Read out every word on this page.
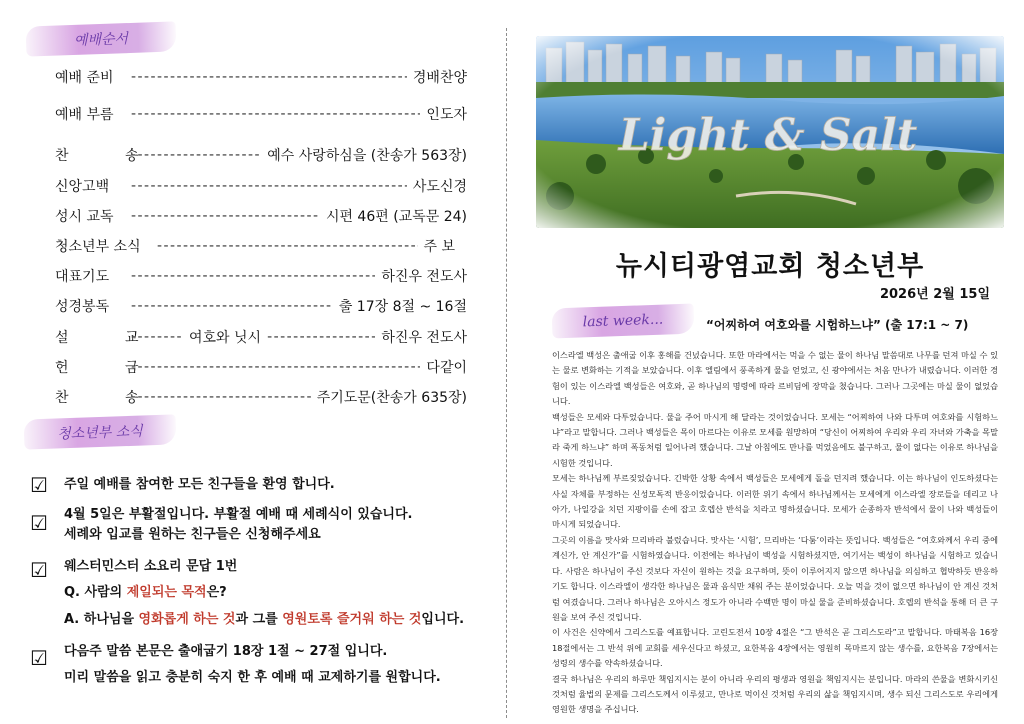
예배순서
예배 준비 - - -	경배찬양
예배 부름 - - -	인도자
찬 송 - - -	예수 사랑하심을 (찬송가 563장)
신앙고백 - - -	사도신경
성시 교독 - - -	시편 46편 (교독문 24)
청소년부 소식 - - -	주 보
대표기도 - - -	하진우 전도사
성경봉독 - - -	출 17장 8절 ~ 16절
설 교 - - - 여호와 닛시 - - -	하진우 전도사
헌 금 - - -	다같이
찬 송 - - -	주기도문(찬송가 635장)
청소년부 소식
☑ 주일 예배를 참여한 모든 친구들을 환영 합니다.
☑ 4월 5일은 부활절입니다. 부활절 예배 때 세례식이 있습니다.
세례와 입교를 원하는 친구들은 신청해주세요
☑ 웨스터민스터 소요리 문답 1번
Q. 사람의 제일되는 목적은?
A. 하나님을 영화롭게 하는 것과 그를 영원토록 즐거워 하는 것입니다.
☑ 다음주 말씀 본문은 출애굽기 18장 1절 ~ 27절 입니다.
미리 말씀을 읽고 충분히 숙지 한 후 예배 때 교제하기를 원합니다.
Light & Salt
뉴시티광염교회 청소년부
2026년 2월 15일
last week...	“어찌하여 여호와를 시험하느냐” (출 17:1 ~ 7)

이스라엘 백성은 출애굽 이후 홍해를 건넜습니다. 또한 마라에서는 먹을 수 없는 물이 하나님 말씀대로 나무를 던져 마실 수 있는 물로 변화하는 기적을 보았습니다. 이후 엘림에서 풍족하게 물을 얻었고, 신 광야에서는 처음 만나가 내렸습니다. 이러한 경험이 있는 이스라엘 백성들은 여호와, 곧 하나님의 명령에 따라 르비딤에 장막을 쳤습니다. 그러나 그곳에는 마실 물이 없었습니다.

백성들은 모세와 다투었습니다. 물을 주어 마시게 해 달라는 것이었습니다. 모세는 “어찌하여 나와 다투며 여호와를 시험하느냐”라고 말합니다. 그러나 백성들은 목이 마르다는 이유로 모세를 원망하며 “당신이 어찌하여 우리와 우리 자녀와 가축을 목말라 죽게 하느냐” 하며 폭동처럼 일어나려 했습니다. 그날 아침에도 만나를 먹었음에도 불구하고, 물이 없다는 이유로 하나님을 시험한 것입니다.

모세는 하나님께 부르짖었습니다. 긴박한 상황 속에서 백성들은 모세에게 돌을 던지려 했습니다. 이는 하나님이 인도하셨다는 사실 자체를 부정하는 신성모독적 반응이었습니다. 이러한 위기 속에서 하나님께서는 모세에게 이스라엘 장로들을 데리고 나아가, 나일강을 치던 지팡이를 손에 잡고 호렙산 반석을 치라고 명하셨습니다. 모세가 순종하자 반석에서 물이 나와 백성들이 마시게 되었습니다.

그곳의 이름을 맛사와 므리바라 불렀습니다. 맛사는 ‘시험’, 므리바는 ‘다툼’이라는 뜻입니다. 백성들은 “여호와께서 우리 중에 계신가, 안 계신가”를 시험하였습니다. 이전에는 하나님이 백성을 시험하셨지만, 여기서는 백성이 하나님을 시험하고 있습니다. 사람은 하나님이 주신 것보다 자신이 원하는 것을 요구하며, 뜻이 이루어지지 않으면 하나님을 의심하고 협박하듯 반응하기도 합니다. 이스라엘이 생각한 하나님은 물과 음식만 채워 주는 분이었습니다. 오늘 먹을 것이 없으면 하나님이 안 계신 것처럼 여겼습니다. 그러나 하나님은 오아시스 정도가 아니라 수백만 명이 마실 물을 준비하셨습니다. 호렙의 반석을 통해 더 큰 구원을 보여 주신 것입니다.

이 사건은 신약에서 그리스도를 예표합니다. 고린도전서 10장 4절은 “그 반석은 곧 그리스도라”고 말합니다. 마태복음 16장 18절에서는 그 반석 위에 교회를 세우신다고 하셨고, 요한복음 4장에서는 영원히 목마르지 않는 생수를, 요한복음 7장에서는 성령의 생수를 약속하셨습니다.

결국 하나님은 우리의 하루만 책임지시는 분이 아니라 우리의 평생과 영원을 책임지시는 분입니다. 마라의 쓴물을 변화시키신 것처럼 율법의 문제를 그리스도께서 이루셨고, 만나로 먹이신 것처럼 우리의 삶을 책임지시며, 생수 되신 그리스도로 우리에게 영원한 생명을 주십니다.
